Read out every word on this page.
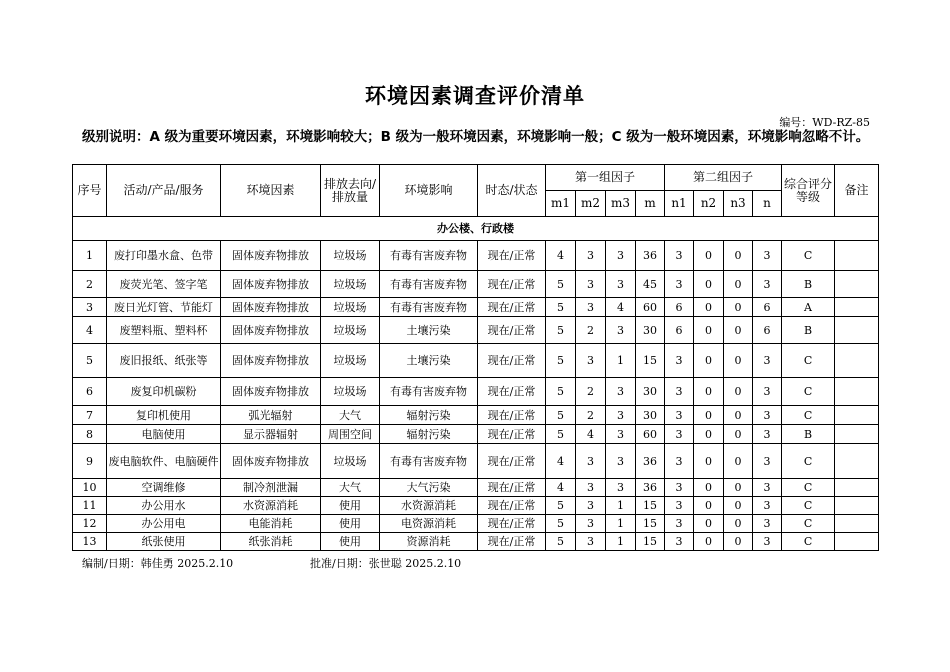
环境因素调查评价清单
编号：WD-RZ-85
级别说明：A 级为重要环境因素，环境影响较大；B 级为一般环境因素，环境影响一般；C 级为一般环境因素，环境影响忽略不计。
序号	活动/产品/服务	环境因素	排放去向/排放量	环境影响	时态/状态	第一组因子				第二组因子				综合评分等级	备注
						m1	m2	m3	m	n1	n2	n3	n		
办公楼、行政楼															
1	废打印墨水盒、色带	固体废弃物排放	垃圾场	有毒有害废弃物	现在/正常	4	3	3	36	3	0	0	3	C	
2	废荧光笔、签字笔	固体废弃物排放	垃圾场	有毒有害废弃物	现在/正常	5	3	3	45	3	0	0	3	B	
3	废日光灯管、节能灯	固体废弃物排放	垃圾场	有毒有害废弃物	现在/正常	5	3	4	60	6	0	0	6	A	
4	废塑料瓶、塑料杯	固体废弃物排放	垃圾场	土壤污染	现在/正常	5	2	3	30	6	0	0	6	B	
5	废旧报纸、纸张等	固体废弃物排放	垃圾场	土壤污染	现在/正常	5	3	1	15	3	0	0	3	C	
6	废复印机碳粉	固体废弃物排放	垃圾场	有毒有害废弃物	现在/正常	5	2	3	30	3	0	0	3	C	
7	复印机使用	弧光辐射	大气	辐射污染	现在/正常	5	2	3	30	3	0	0	3	C	
8	电脑使用	显示器辐射	周围空间	辐射污染	现在/正常	5	4	3	60	3	0	0	3	B	
9	废电脑软件、电脑硬件	固体废弃物排放	垃圾场	有毒有害废弃物	现在/正常	4	3	3	36	3	0	0	3	C	
10	空调维修	制冷剂泄漏	大气	大气污染	现在/正常	4	3	3	36	3	0	0	3	C	
11	办公用水	水资源消耗	使用	水资源消耗	现在/正常	5	3	1	15	3	0	0	3	C	
12	办公用电	电能消耗	使用	电资源消耗	现在/正常	5	3	1	15	3	0	0	3	C	
13	纸张使用	纸张消耗	使用	资源消耗	现在/正常	5	3	1	15	3	0	0	3	C	
编制/日期：韩佳勇 2025.2.10	批准/日期：张世聪 2025.2.10
